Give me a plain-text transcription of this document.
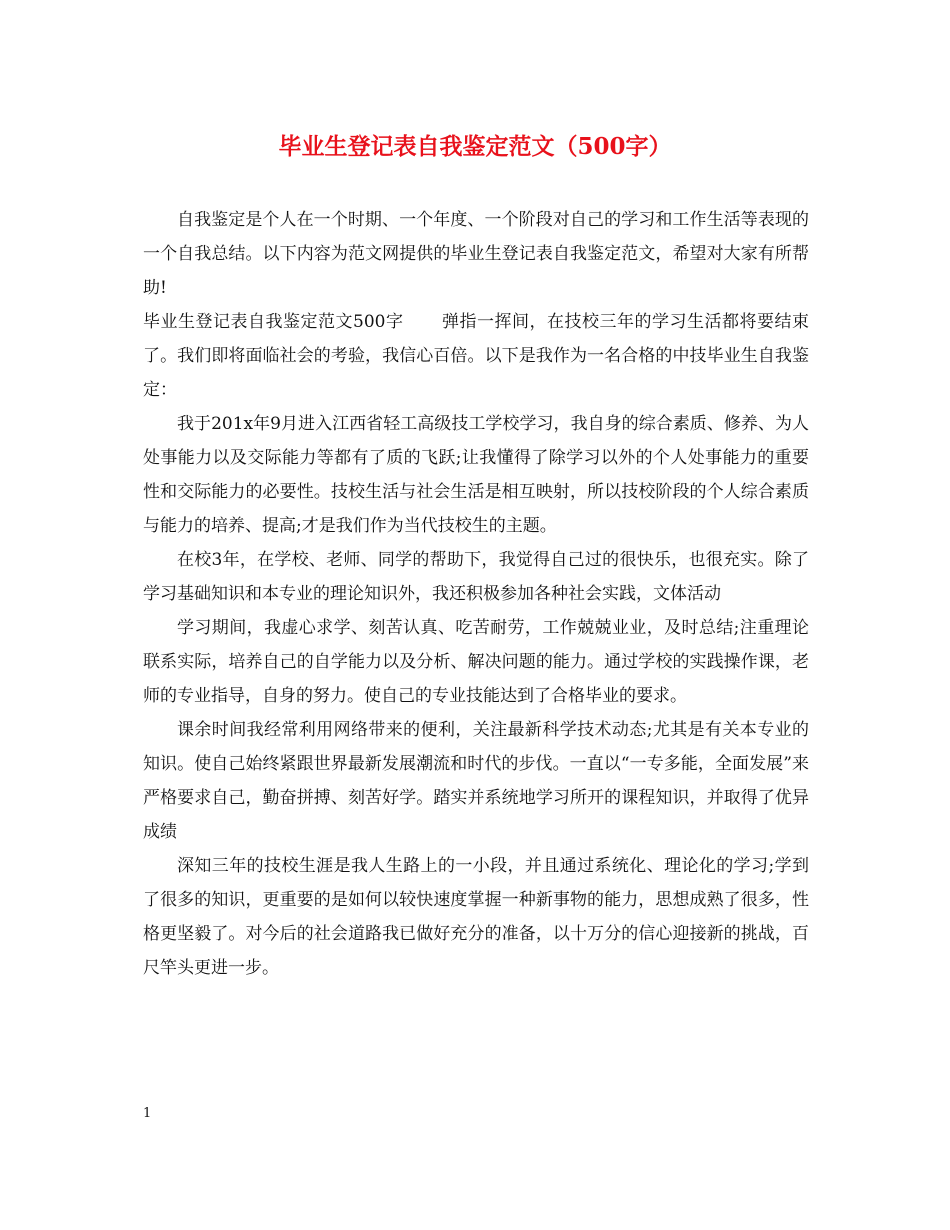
毕业生登记表自我鉴定范文（500字）

自我鉴定是个人在一个时期、一个年度、一个阶段对自己的学习和工作生活等表现的一个自我总结。以下内容为范文网提供的毕业生登记表自我鉴定范文，希望对大家有所帮助!

毕业生登记表自我鉴定范文500字 弹指一挥间，在技校三年的学习生活都将要结束了。我们即将面临社会的考验，我信心百倍。以下是我作为一名合格的中技毕业生自我鉴定：

我于201x年9月进入江西省轻工高级技工学校学习，我自身的综合素质、修养、为人处事能力以及交际能力等都有了质的飞跃;让我懂得了除学习以外的个人处事能力的重要性和交际能力的必要性。技校生活与社会生活是相互映射，所以技校阶段的个人综合素质与能力的培养、提高;才是我们作为当代技校生的主题。

在校3年，在学校、老师、同学的帮助下，我觉得自己过的很快乐，也很充实。除了学习基础知识和本专业的理论知识外，我还积极参加各种社会实践，文体活动

学习期间，我虚心求学、刻苦认真、吃苦耐劳，工作兢兢业业，及时总结;注重理论联系实际，培养自己的自学能力以及分析、解决问题的能力。通过学校的实践操作课，老师的专业指导，自身的努力。使自己的专业技能达到了合格毕业的要求。

课余时间我经常利用网络带来的便利，关注最新科学技术动态;尤其是有关本专业的知识。使自己始终紧跟世界最新发展潮流和时代的步伐。一直以“一专多能，全面发展”来严格要求自己，勤奋拼搏、刻苦好学。踏实并系统地学习所开的课程知识，并取得了优异成绩

深知三年的技校生涯是我人生路上的一小段，并且通过系统化、理论化的学习;学到了很多的知识，更重要的是如何以较快速度掌握一种新事物的能力，思想成熟了很多，性格更坚毅了。对今后的社会道路我已做好充分的准备，以十万分的信心迎接新的挑战，百尺竿头更进一步。

1
